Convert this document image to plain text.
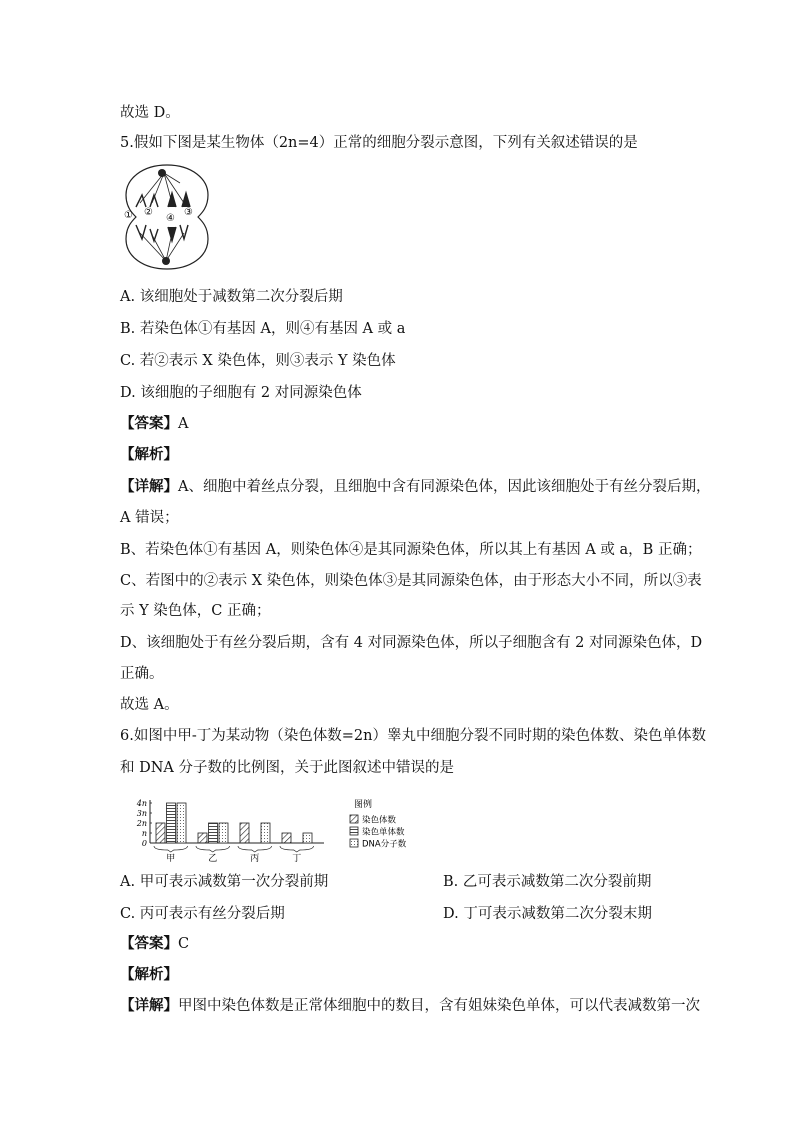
故选 D。
5.假如下图是某生物体（2n=4）正常的细胞分裂示意图，下列有关叙述错误的是
① ②
④
③
A. 该细胞处于减数第二次分裂后期
B. 若染色体①有基因 A，则④有基因 A 或 a
C. 若②表示 X 染色体，则③表示 Y 染色体
D. 该细胞的子细胞有 2 对同源染色体
【答案】A
【解析】
【详解】A、细胞中着丝点分裂，且细胞中含有同源染色体，因此该细胞处于有丝分裂后期，
A 错误；
B、若染色体①有基因 A，则染色体④是其同源染色体，所以其上有基因 A 或 a，B 正确；
C、若图中的②表示 X 染色体，则染色体③是其同源染色体，由于形态大小不同，所以③表
示 Y 染色体，C 正确；
D、该细胞处于有丝分裂后期，含有 4 对同源染色体，所以子细胞含有 2 对同源染色体，D
正确。
故选 A。
6.如图中甲-丁为某动物（染色体数=2n）睾丸中细胞分裂不同时期的染色体数、染色单体数
和 DNA 分子数的比例图，关于此图叙述中错误的是
4n
3n
2n
n
0
甲	乙	丙	丁
图例
染色体数
染色单体数
DNA分子数
A. 甲可表示减数第一次分裂前期	B. 乙可表示减数第二次分裂前期
C. 丙可表示有丝分裂后期	D. 丁可表示减数第二次分裂末期
【答案】C
【解析】
【详解】甲图中染色体数是正常体细胞中的数目，含有姐妹染色单体，可以代表减数第一次
